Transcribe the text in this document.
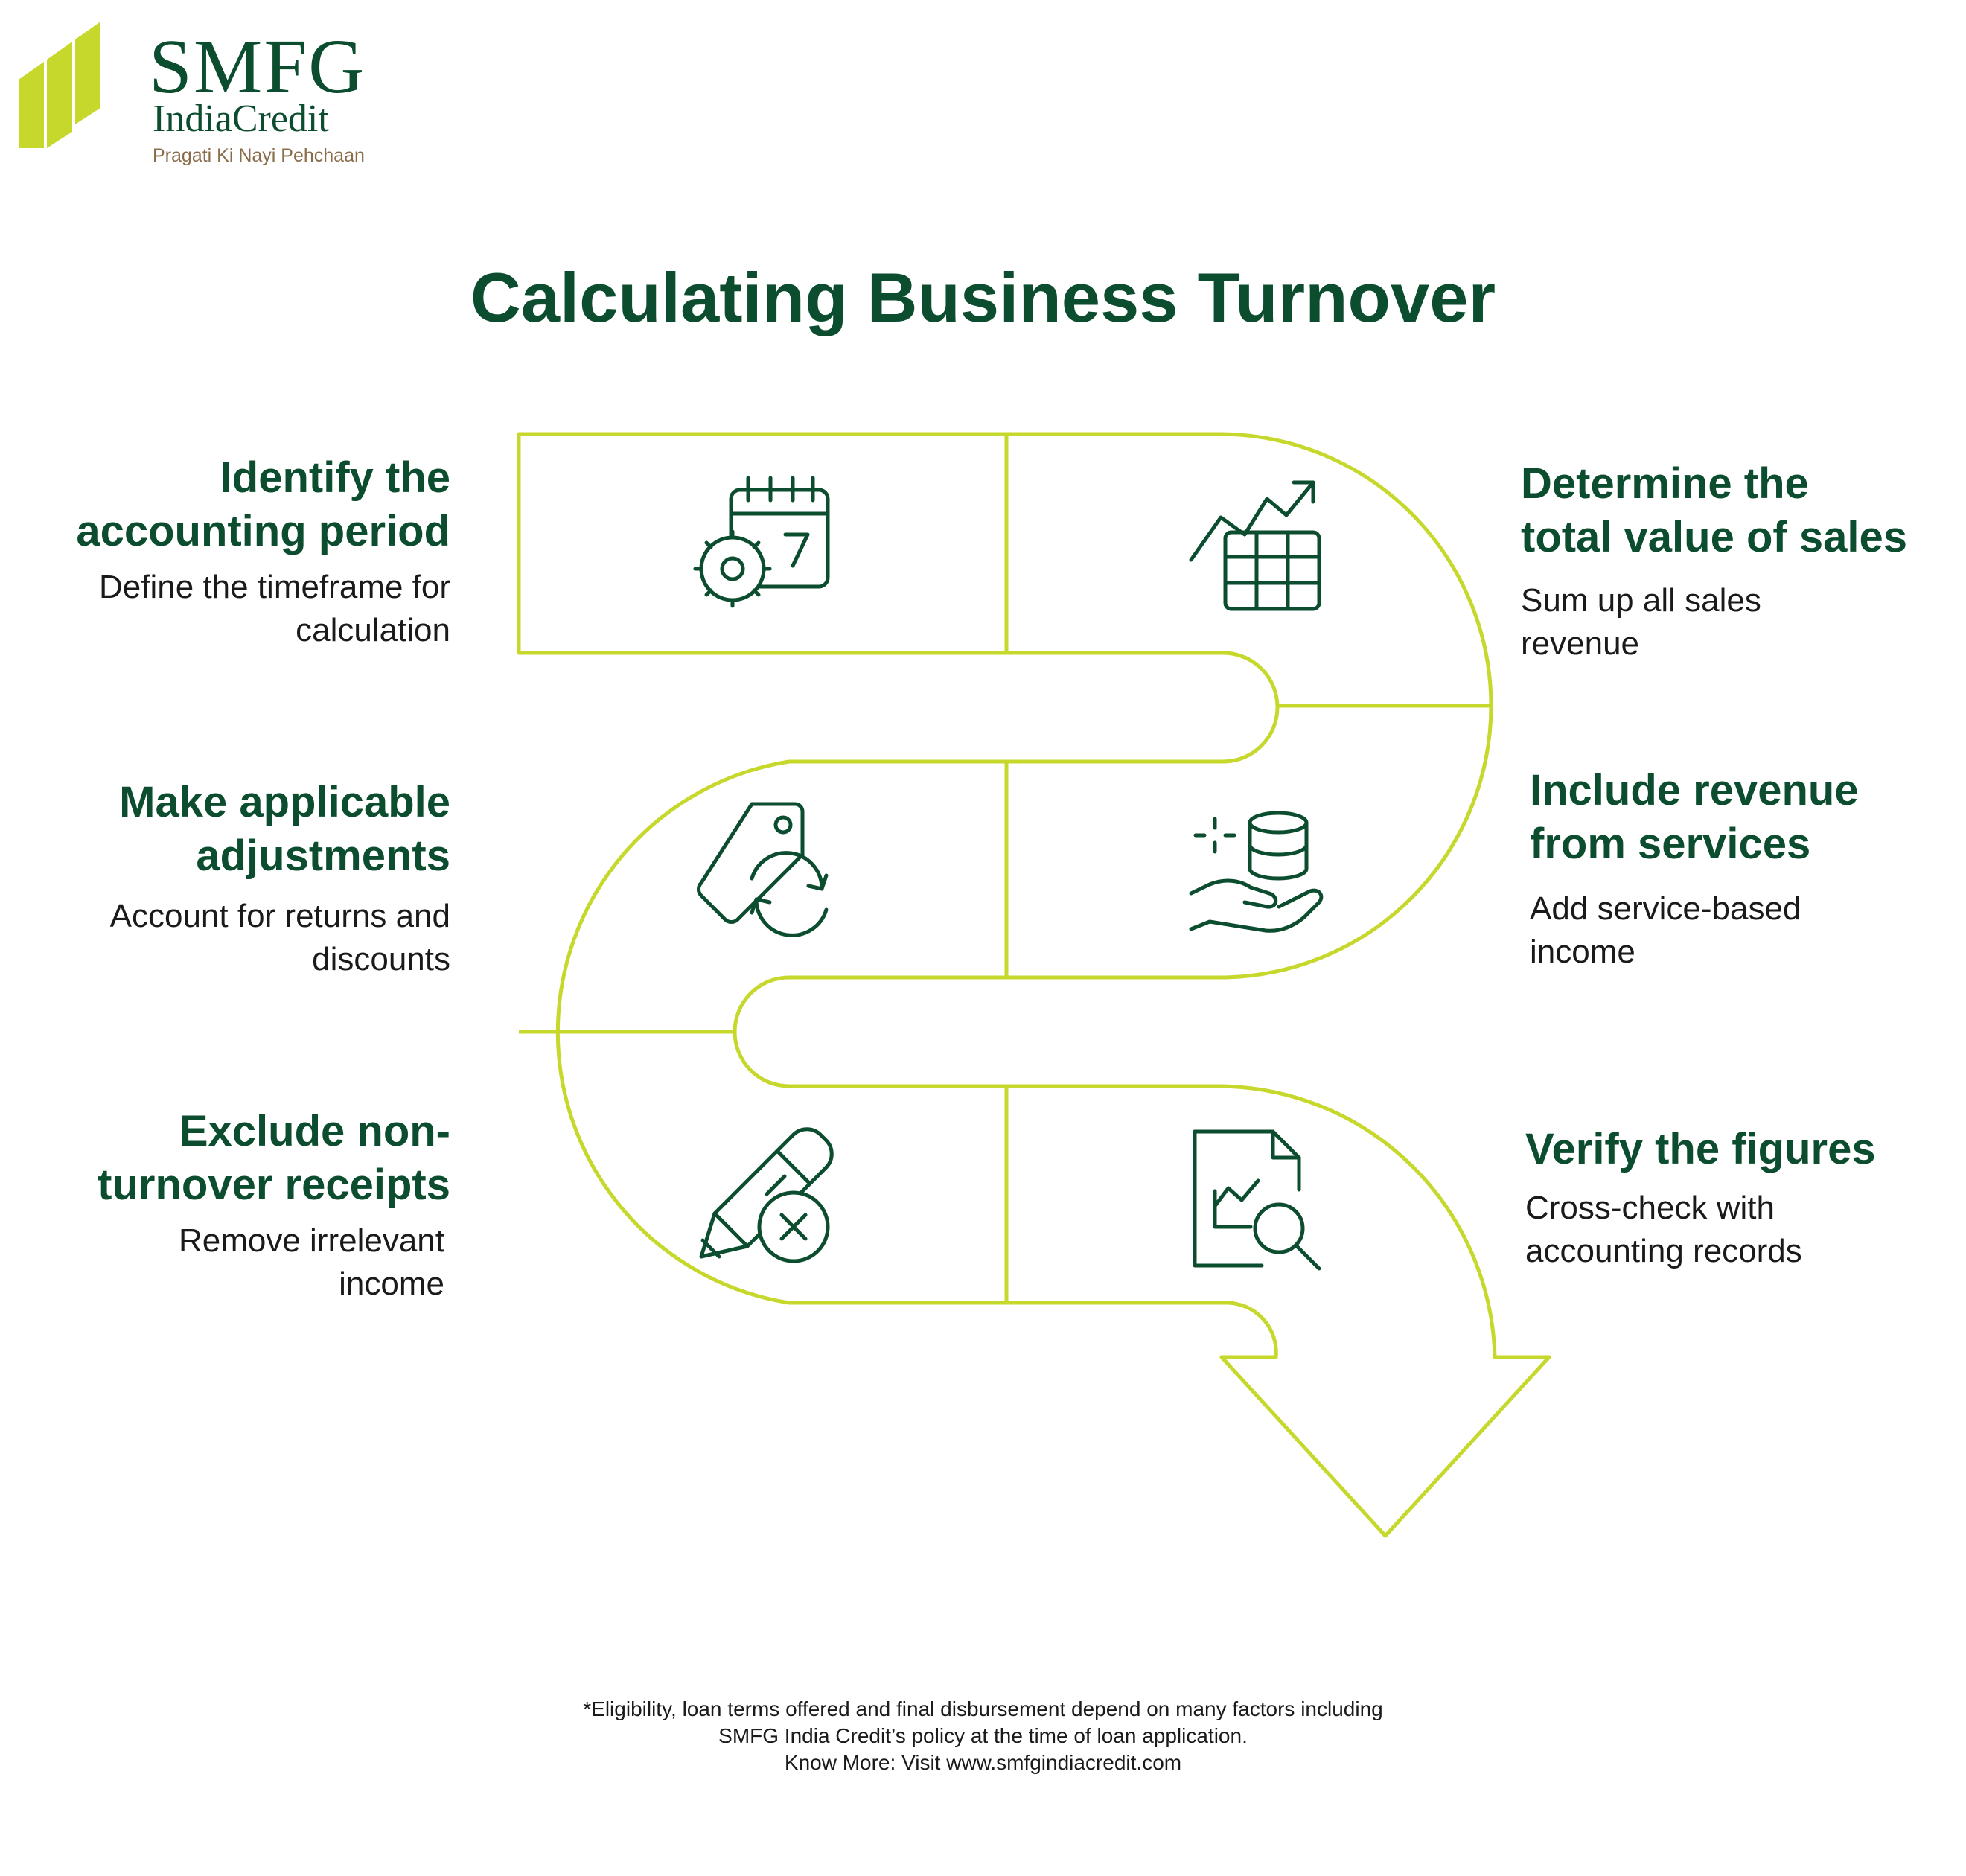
SMFG
IndiaCredit
Pragati Ki Nayi Pehchaan
Calculating Business Turnover
Identify the
accounting period
Define the timeframe for
calculation
Determine the
total value of sales
Sum up all sales
revenue
Include revenue
from services
Add service-based
income
Make applicable
adjustments
Account for returns and
discounts
Exclude non-
turnover receipts
Remove irrelevant
income
Verify the figures
Cross-check with
accounting records
*Eligibility, loan terms offered and final disbursement depend on many factors including
SMFG India Credit’s policy at the time of loan application.
Know More: Visit www.smfgindiacredit.com
